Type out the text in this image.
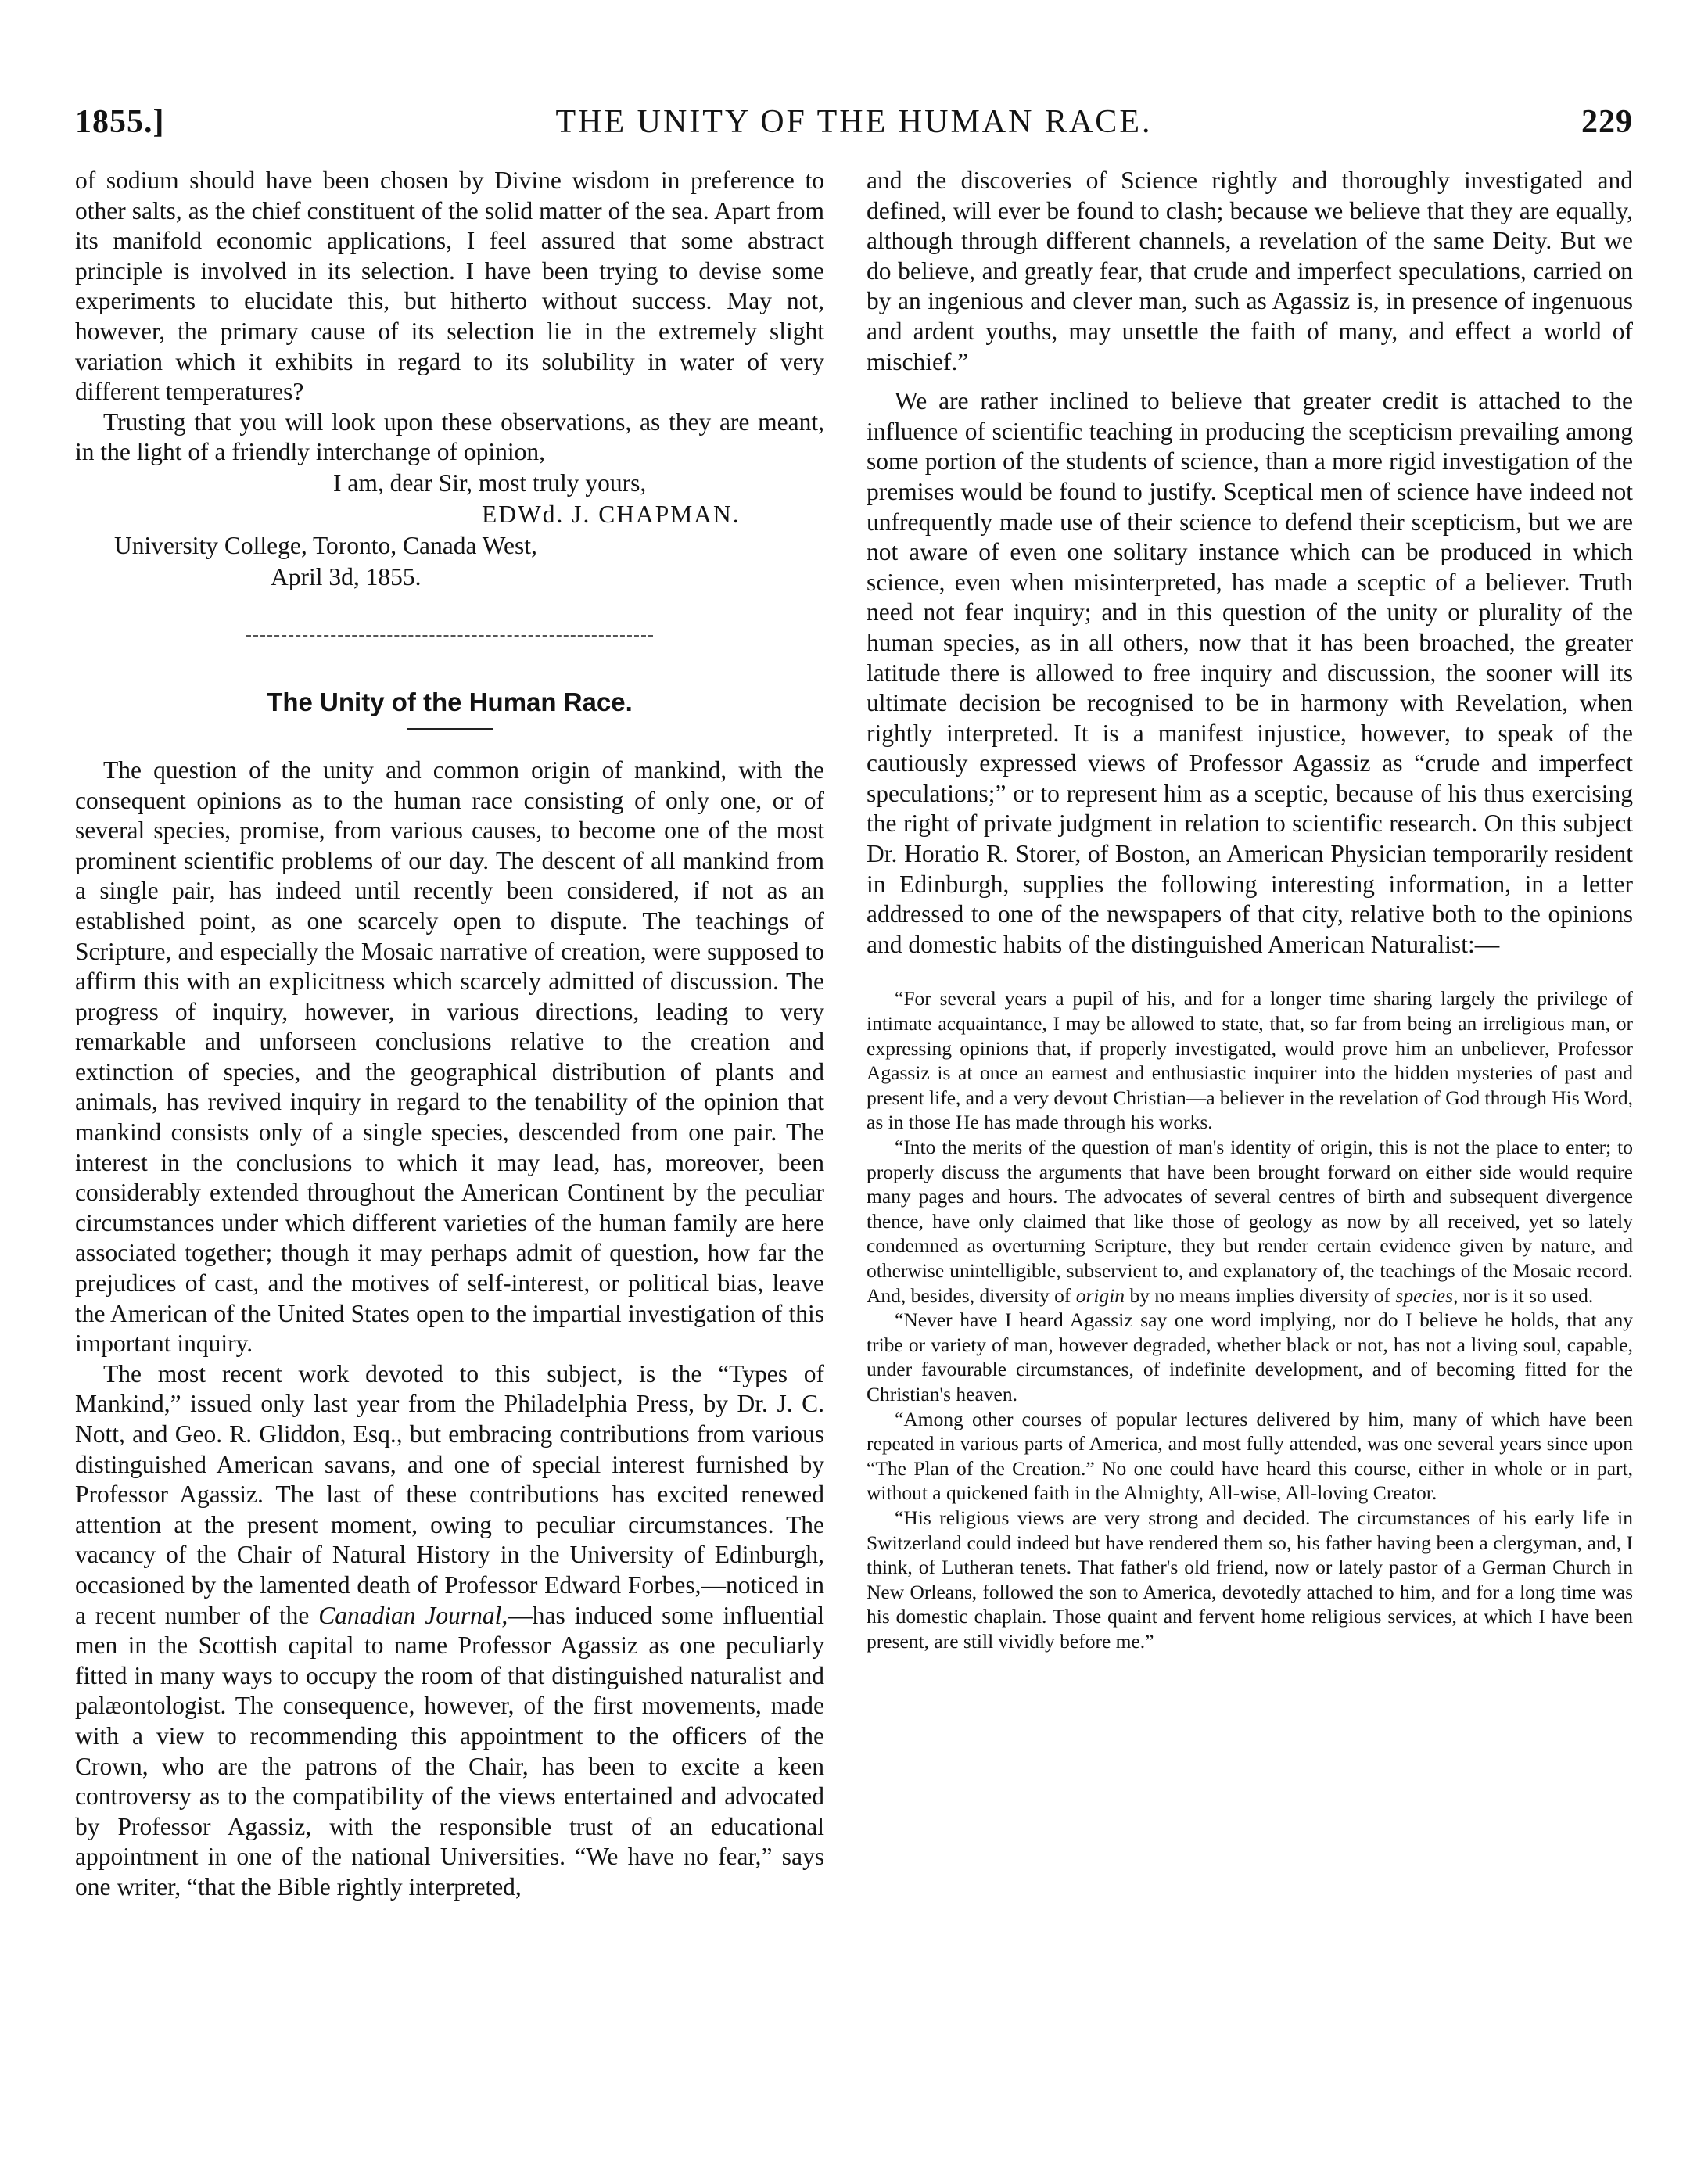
1855.]	THE UNITY OF THE HUMAN RACE.	229

of sodium should have been chosen by Divine wisdom in preference to other salts, as the chief constituent of the solid matter of the sea. Apart from its manifold economic applications, I feel assured that some abstract principle is involved in its selection. I have been trying to devise some experiments to elucidate this, but hitherto without success. May not, however, the primary cause of its selection lie in the extremely slight variation which it exhibits in regard to its solubility in water of very different temperatures?

Trusting that you will look upon these observations, as they are meant, in the light of a friendly interchange of opinion,

I am, dear Sir, most truly yours,
EDWd. J. CHAPMAN.
University College, Toronto, Canada West,
April 3d, 1855.
The Unity of the Human Race.

The question of the unity and common origin of mankind, with the consequent opinions as to the human race consisting of only one, or of several species, promise, from various causes, to become one of the most prominent scientific problems of our day. The descent of all mankind from a single pair, has indeed until recently been considered, if not as an established point, as one scarcely open to dispute. The teachings of Scripture, and especially the Mosaic narrative of creation, were supposed to affirm this with an explicitness which scarcely admitted of discussion. The progress of inquiry, however, in various directions, leading to very remarkable and unforseen conclusions relative to the creation and extinction of species, and the geographical distribution of plants and animals, has revived inquiry in regard to the tenability of the opinion that mankind consists only of a single species, descended from one pair. The interest in the conclusions to which it may lead, has, moreover, been considerably extended throughout the American Continent by the peculiar circumstances under which different varieties of the human family are here associated together; though it may perhaps admit of question, how far the prejudices of cast, and the motives of self-interest, or political bias, leave the American of the United States open to the impartial investigation of this important inquiry.

The most recent work devoted to this subject, is the “Types of Mankind,” issued only last year from the Philadelphia Press, by Dr. J. C. Nott, and Geo. R. Gliddon, Esq., but embracing contributions from various distinguished American savans, and one of special interest furnished by Professor Agassiz. The last of these contributions has excited renewed attention at the present moment, owing to peculiar circumstances. The vacancy of the Chair of Natural History in the University of Edinburgh, occasioned by the lamented death of Professor Edward Forbes,—noticed in a recent number of the Canadian Journal,—has induced some influential men in the Scottish capital to name Professor Agassiz as one peculiarly fitted in many ways to occupy the room of that distinguished naturalist and palæontologist. The consequence, however, of the first movements, made with a view to recommending this appointment to the officers of the Crown, who are the patrons of the Chair, has been to excite a keen controversy as to the compatibility of the views entertained and advocated by Professor Agassiz, with the responsible trust of an educational appointment in one of the national Universities. “We have no fear,” says one writer, “that the Bible rightly interpreted,

and the discoveries of Science rightly and thoroughly investigated and defined, will ever be found to clash; because we believe that they are equally, although through different channels, a revelation of the same Deity. But we do believe, and greatly fear, that crude and imperfect speculations, carried on by an ingenious and clever man, such as Agassiz is, in presence of ingenuous and ardent youths, may unsettle the faith of many, and effect a world of mischief.”

We are rather inclined to believe that greater credit is attached to the influence of scientific teaching in producing the scepticism prevailing among some portion of the students of science, than a more rigid investigation of the premises would be found to justify. Sceptical men of science have indeed not unfrequently made use of their science to defend their scepticism, but we are not aware of even one solitary instance which can be produced in which science, even when misinterpreted, has made a sceptic of a believer. Truth need not fear inquiry; and in this question of the unity or plurality of the human species, as in all others, now that it has been broached, the greater latitude there is allowed to free inquiry and discussion, the sooner will its ultimate decision be recognised to be in harmony with Revelation, when rightly interpreted. It is a manifest injustice, however, to speak of the cautiously expressed views of Professor Agassiz as “crude and imperfect speculations;” or to represent him as a sceptic, because of his thus exercising the right of private judgment in relation to scientific research. On this subject Dr. Horatio R. Storer, of Boston, an American Physician temporarily resident in Edinburgh, supplies the following interesting information, in a letter addressed to one of the newspapers of that city, relative both to the opinions and domestic habits of the distinguished American Naturalist:—

“For several years a pupil of his, and for a longer time sharing largely the privilege of intimate acquaintance, I may be allowed to state, that, so far from being an irreligious man, or expressing opinions that, if properly investigated, would prove him an unbeliever, Professor Agassiz is at once an earnest and enthusiastic inquirer into the hidden mysteries of past and present life, and a very devout Christian—a believer in the revelation of God through His Word, as in those He has made through his works.

“Into the merits of the question of man's identity of origin, this is not the place to enter; to properly discuss the arguments that have been brought forward on either side would require many pages and hours. The advocates of several centres of birth and subsequent divergence thence, have only claimed that like those of geology as now by all received, yet so lately condemned as overturning Scripture, they but render certain evidence given by nature, and otherwise unintelligible, subservient to, and explanatory of, the teachings of the Mosaic record. And, besides, diversity of origin by no means implies diversity of species, nor is it so used.

“Never have I heard Agassiz say one word implying, nor do I believe he holds, that any tribe or variety of man, however degraded, whether black or not, has not a living soul, capable, under favourable circumstances, of indefinite development, and of becoming fitted for the Christian's heaven.

“Among other courses of popular lectures delivered by him, many of which have been repeated in various parts of America, and most fully attended, was one several years since upon “The Plan of the Creation.” No one could have heard this course, either in whole or in part, without a quickened faith in the Almighty, All-wise, All-loving Creator.

“His religious views are very strong and decided. The circumstances of his early life in Switzerland could indeed but have rendered them so, his father having been a clergyman, and, I think, of Lutheran tenets. That father's old friend, now or lately pastor of a German Church in New Orleans, followed the son to America, devotedly attached to him, and for a long time was his domestic chaplain. Those quaint and fervent home religious services, at which I have been present, are still vividly before me.”
